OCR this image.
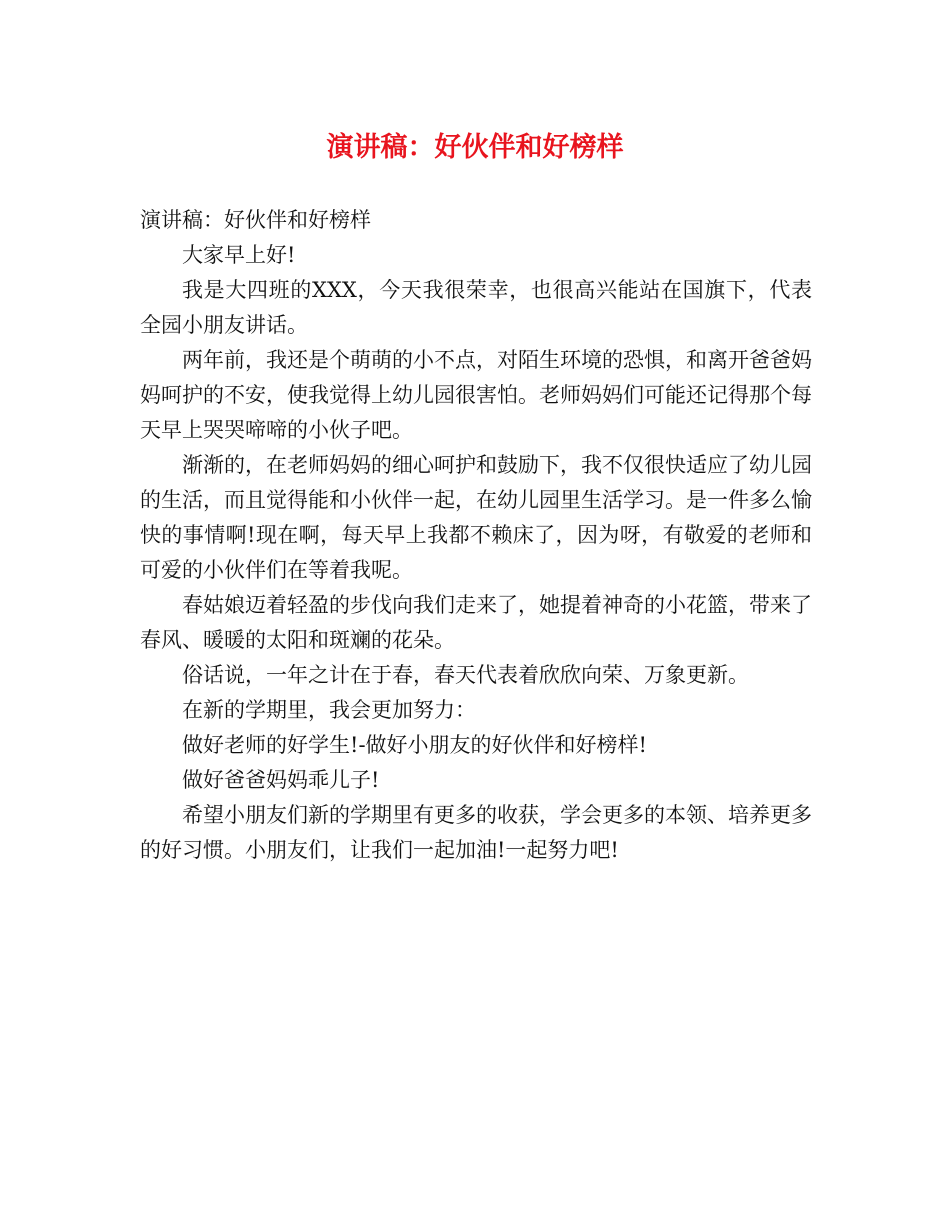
演讲稿：好伙伴和好榜样

演讲稿：好伙伴和好榜样

大家早上好!

我是大四班的XXX，今天我很荣幸，也很高兴能站在国旗下，代表全园小朋友讲话。

两年前，我还是个萌萌的小不点，对陌生环境的恐惧，和离开爸爸妈妈呵护的不安，使我觉得上幼儿园很害怕。老师妈妈们可能还记得那个每天早上哭哭啼啼的小伙子吧。

渐渐的，在老师妈妈的细心呵护和鼓励下，我不仅很快适应了幼儿园的生活，而且觉得能和小伙伴一起，在幼儿园里生活学习。是一件多么愉快的事情啊!现在啊，每天早上我都不赖床了，因为呀，有敬爱的老师和可爱的小伙伴们在等着我呢。

春姑娘迈着轻盈的步伐向我们走来了，她提着神奇的小花篮，带来了春风、暖暖的太阳和斑斓的花朵。

俗话说，一年之计在于春，春天代表着欣欣向荣、万象更新。

在新的学期里，我会更加努力：

做好老师的好学生!-做好小朋友的好伙伴和好榜样!

做好爸爸妈妈乖儿子!

希望小朋友们新的学期里有更多的收获，学会更多的本领、培养更多的好习惯。小朋友们，让我们一起加油!一起努力吧!
